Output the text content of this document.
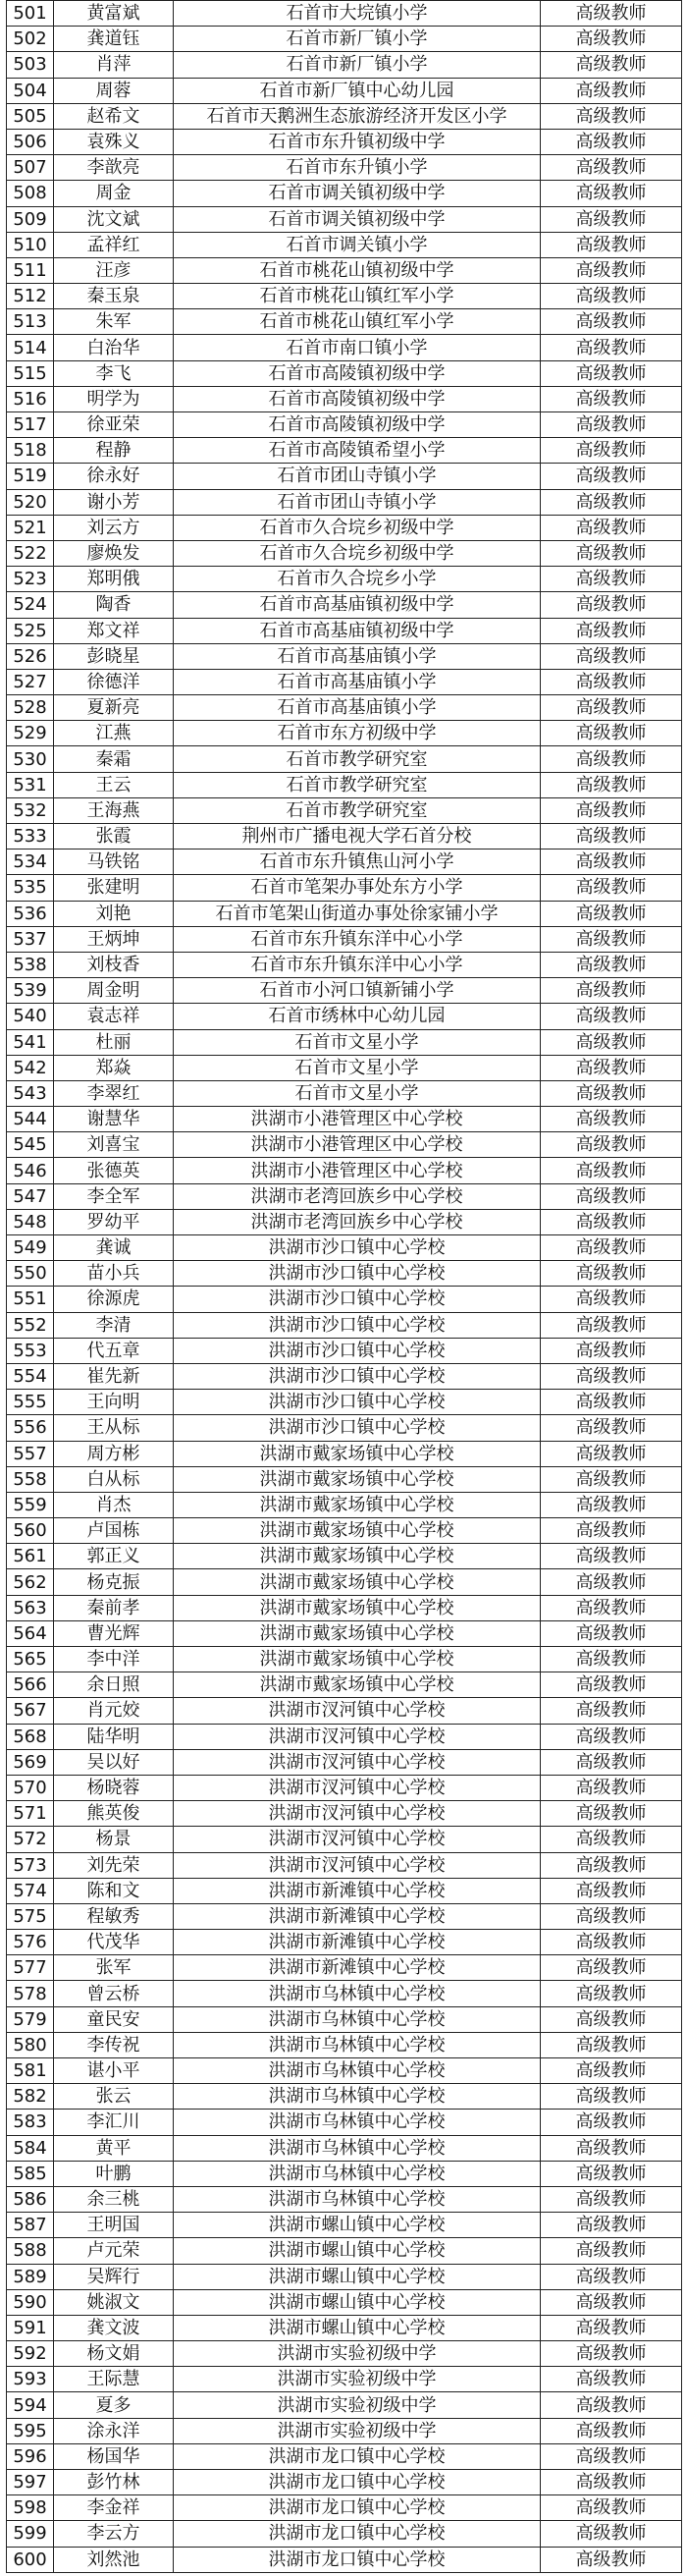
501	黄富斌	石首市大垸镇小学	高级教师
502	龚道钰	石首市新厂镇小学	高级教师
503	肖萍	石首市新厂镇小学	高级教师
504	周蓉	石首市新厂镇中心幼儿园	高级教师
505	赵希文	石首市天鹅洲生态旅游经济开发区小学	高级教师
506	袁殊义	石首市东升镇初级中学	高级教师
507	李歆亮	石首市东升镇小学	高级教师
508	周金	石首市调关镇初级中学	高级教师
509	沈文斌	石首市调关镇初级中学	高级教师
510	孟祥红	石首市调关镇小学	高级教师
511	汪彦	石首市桃花山镇初级中学	高级教师
512	秦玉泉	石首市桃花山镇红军小学	高级教师
513	朱军	石首市桃花山镇红军小学	高级教师
514	白治华	石首市南口镇小学	高级教师
515	李飞	石首市高陵镇初级中学	高级教师
516	明学为	石首市高陵镇初级中学	高级教师
517	徐亚荣	石首市高陵镇初级中学	高级教师
518	程静	石首市高陵镇希望小学	高级教师
519	徐永好	石首市团山寺镇小学	高级教师
520	谢小芳	石首市团山寺镇小学	高级教师
521	刘云方	石首市久合垸乡初级中学	高级教师
522	廖焕发	石首市久合垸乡初级中学	高级教师
523	郑明俄	石首市久合垸乡小学	高级教师
524	陶香	石首市高基庙镇初级中学	高级教师
525	郑文祥	石首市高基庙镇初级中学	高级教师
526	彭晓星	石首市高基庙镇小学	高级教师
527	徐德洋	石首市高基庙镇小学	高级教师
528	夏新亮	石首市高基庙镇小学	高级教师
529	江燕	石首市东方初级中学	高级教师
530	秦霜	石首市教学研究室	高级教师
531	王云	石首市教学研究室	高级教师
532	王海燕	石首市教学研究室	高级教师
533	张霞	荆州市广播电视大学石首分校	高级教师
534	马铁铭	石首市东升镇焦山河小学	高级教师
535	张建明	石首市笔架办事处东方小学	高级教师
536	刘艳	石首市笔架山街道办事处徐家铺小学	高级教师
537	王炳坤	石首市东升镇东洋中心小学	高级教师
538	刘枝香	石首市东升镇东洋中心小学	高级教师
539	周金明	石首市小河口镇新铺小学	高级教师
540	袁志祥	石首市绣林中心幼儿园	高级教师
541	杜丽	石首市文星小学	高级教师
542	郑焱	石首市文星小学	高级教师
543	李翠红	石首市文星小学	高级教师
544	谢慧华	洪湖市小港管理区中心学校	高级教师
545	刘喜宝	洪湖市小港管理区中心学校	高级教师
546	张德英	洪湖市小港管理区中心学校	高级教师
547	李全军	洪湖市老湾回族乡中心学校	高级教师
548	罗幼平	洪湖市老湾回族乡中心学校	高级教师
549	龚诚	洪湖市沙口镇中心学校	高级教师
550	苗小兵	洪湖市沙口镇中心学校	高级教师
551	徐源虎	洪湖市沙口镇中心学校	高级教师
552	李清	洪湖市沙口镇中心学校	高级教师
553	代五章	洪湖市沙口镇中心学校	高级教师
554	崔先新	洪湖市沙口镇中心学校	高级教师
555	王向明	洪湖市沙口镇中心学校	高级教师
556	王从标	洪湖市沙口镇中心学校	高级教师
557	周方彬	洪湖市戴家场镇中心学校	高级教师
558	白从标	洪湖市戴家场镇中心学校	高级教师
559	肖杰	洪湖市戴家场镇中心学校	高级教师
560	卢国栋	洪湖市戴家场镇中心学校	高级教师
561	郭正义	洪湖市戴家场镇中心学校	高级教师
562	杨克振	洪湖市戴家场镇中心学校	高级教师
563	秦前孝	洪湖市戴家场镇中心学校	高级教师
564	曹光辉	洪湖市戴家场镇中心学校	高级教师
565	李中洋	洪湖市戴家场镇中心学校	高级教师
566	余日照	洪湖市戴家场镇中心学校	高级教师
567	肖元姣	洪湖市汊河镇中心学校	高级教师
568	陆华明	洪湖市汊河镇中心学校	高级教师
569	吴以好	洪湖市汊河镇中心学校	高级教师
570	杨晓蓉	洪湖市汊河镇中心学校	高级教师
571	熊英俊	洪湖市汊河镇中心学校	高级教师
572	杨景	洪湖市汊河镇中心学校	高级教师
573	刘先荣	洪湖市汊河镇中心学校	高级教师
574	陈和文	洪湖市新滩镇中心学校	高级教师
575	程敏秀	洪湖市新滩镇中心学校	高级教师
576	代茂华	洪湖市新滩镇中心学校	高级教师
577	张军	洪湖市新滩镇中心学校	高级教师
578	曾云桥	洪湖市乌林镇中心学校	高级教师
579	童民安	洪湖市乌林镇中心学校	高级教师
580	李传祝	洪湖市乌林镇中心学校	高级教师
581	谌小平	洪湖市乌林镇中心学校	高级教师
582	张云	洪湖市乌林镇中心学校	高级教师
583	李汇川	洪湖市乌林镇中心学校	高级教师
584	黄平	洪湖市乌林镇中心学校	高级教师
585	叶鹏	洪湖市乌林镇中心学校	高级教师
586	余三桃	洪湖市乌林镇中心学校	高级教师
587	王明国	洪湖市螺山镇中心学校	高级教师
588	卢元荣	洪湖市螺山镇中心学校	高级教师
589	吴辉行	洪湖市螺山镇中心学校	高级教师
590	姚淑文	洪湖市螺山镇中心学校	高级教师
591	龚文波	洪湖市螺山镇中心学校	高级教师
592	杨文娟	洪湖市实验初级中学	高级教师
593	王际慧	洪湖市实验初级中学	高级教师
594	夏多	洪湖市实验初级中学	高级教师
595	涂永洋	洪湖市实验初级中学	高级教师
596	杨国华	洪湖市龙口镇中心学校	高级教师
597	彭竹林	洪湖市龙口镇中心学校	高级教师
598	李金祥	洪湖市龙口镇中心学校	高级教师
599	李云方	洪湖市龙口镇中心学校	高级教师
600	刘然池	洪湖市龙口镇中心学校	高级教师
